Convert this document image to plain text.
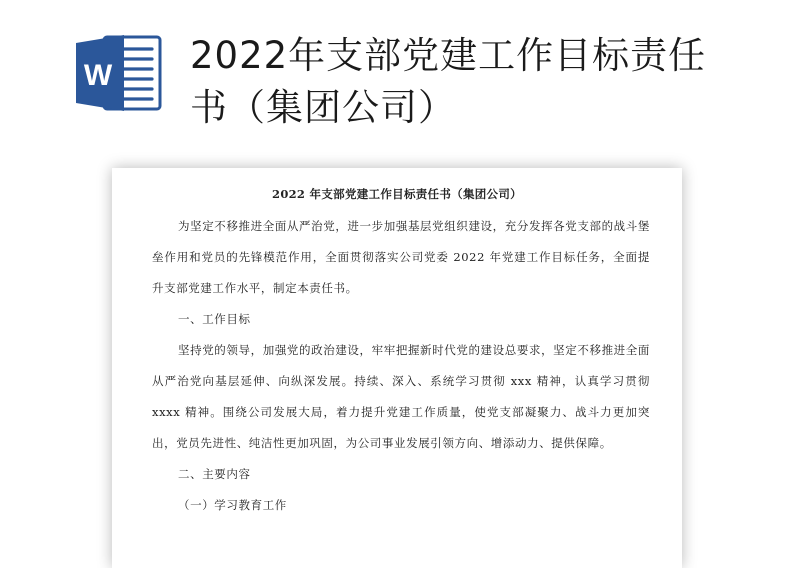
W 2022年支部党建工作目标责任书（集团公司）
2022 年支部党建工作目标责任书（集团公司）

为坚定不移推进全面从严治党，进一步加强基层党组织建设，充分发挥各党支部的战斗堡垒作用和党员的先锋模范作用，全面贯彻落实公司党委 2022 年党建工作目标任务，全面提升支部党建工作水平，制定本责任书。

一、工作目标

坚持党的领导，加强党的政治建设，牢牢把握新时代党的建设总要求，坚定不移推进全面从严治党向基层延伸、向纵深发展。持续、深入、系统学习贯彻 xxx 精神，认真学习贯彻 xxxx 精神。围绕公司发展大局，着力提升党建工作质量，使党支部凝聚力、战斗力更加突出，党员先进性、纯洁性更加巩固，为公司事业发展引领方向、增添动力、提供保障。

二、主要内容

（一）学习教育工作
